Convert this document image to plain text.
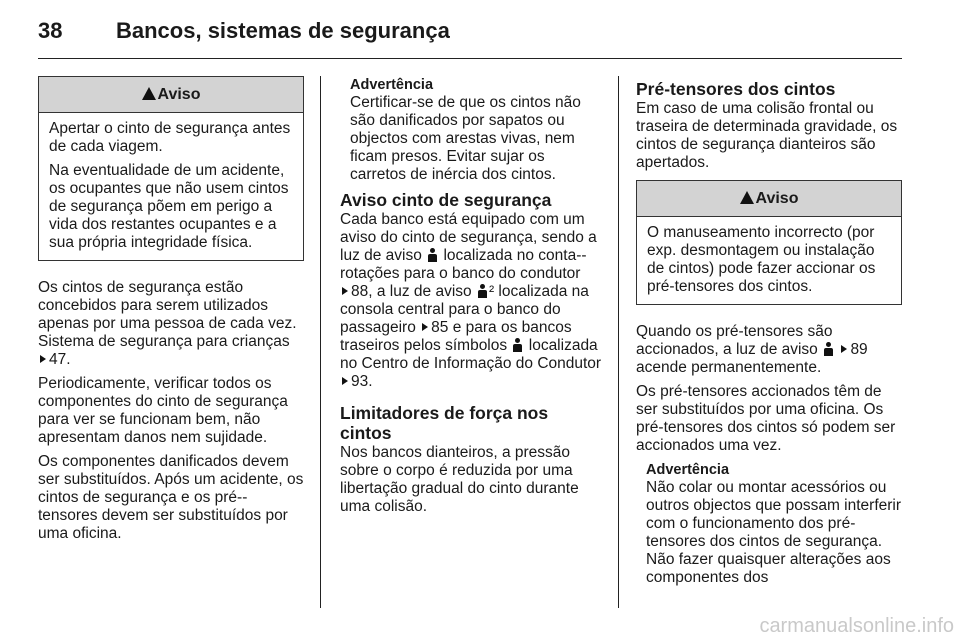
38 Bancos, sistemas de segurança
Aviso

Apertar o cinto de segurança antes de cada viagem.

Na eventualidade de um acidente, os ocupantes que não usem cintos de segurança põem em perigo a vida dos restantes ocupantes e a sua própria integridade física.

Os cintos de segurança estão concebidos para serem utilizados apenas por uma pessoa de cada vez. Sistema de segurança para crianças
47.

Periodicamente, verificar todos os componentes do cinto de segurança para ver se funcionam bem, não apresentam danos nem sujidade.

Os componentes danificados devem ser substituídos. Após um acidente, os cintos de segurança e os pré--tensores devem ser substituídos por uma oficina.

Advertência
Certificar-se de que os cintos não são danificados por sapatos ou objectos com arestas vivas, nem ficam presos. Evitar sujar os carretos de inércia dos cintos.
Aviso cinto de segurança

Cada banco está equipado com um aviso do cinto de segurança, sendo a luz de aviso localizada no conta--rotações para o banco do condutor
88, a luz de aviso ² localizada na consola central para o banco do passageiro 85 e para os bancos traseiros pelos símbolos localizada no Centro de Informação do Condutor 93.

Limitadores de força nos cintos

Nos bancos dianteiros, a pressão sobre o corpo é reduzida por uma libertação gradual do cinto durante uma colisão.

Pré-tensores dos cintos

Em caso de uma colisão frontal ou traseira de determinada gravidade, os cintos de segurança dianteiros são apertados.

Aviso

O manuseamento incorrecto (por exp. desmontagem ou instalação de cintos) pode fazer accionar os pré-tensores dos cintos.

Quando os pré-tensores são accionados, a luz de aviso 89 acende permanentemente.

Os pré-tensores accionados têm de ser substituídos por uma oficina. Os pré-tensores dos cintos só podem ser accionados uma vez.

Advertência
Não colar ou montar acessórios ou outros objectos que possam interferir com o funcionamento dos pré-tensores dos cintos de segurança. Não fazer quaisquer alterações aos componentes dos
carmanualsonline.info
